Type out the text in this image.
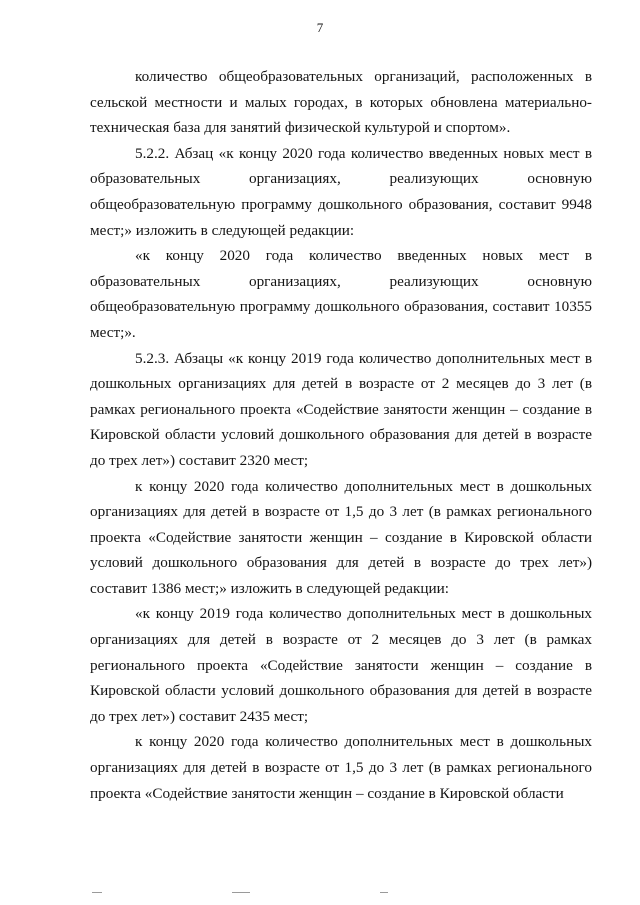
7

количество общеобразовательных организаций, расположенных в сельской местности и малых городах, в которых обновлена материально-техническая база для занятий физической культурой и спортом».

5.2.2. Абзац «к концу 2020 года количество введенных новых мест в образовательных организациях, реализующих основную общеобразовательную программу дошкольного образования, составит 9948 мест;» изложить в следующей редакции:

«к концу 2020 года количество введенных новых мест в образовательных организациях, реализующих основную общеобразовательную программу дошкольного образования, составит 10355 мест;».

5.2.3. Абзацы «к концу 2019 года количество дополнительных мест в дошкольных организациях для детей в возрасте от 2 месяцев до 3 лет (в рамках регионального проекта «Содействие занятости женщин – создание в Кировской области условий дошкольного образования для детей в возрасте до трех лет») составит 2320 мест;

к концу 2020 года количество дополнительных мест в дошкольных организациях для детей в возрасте от 1,5 до 3 лет (в рамках регионального проекта «Содействие занятости женщин – создание в Кировской области условий дошкольного образования для детей в возрасте до трех лет») составит 1386 мест;» изложить в следующей редакции:

«к концу 2019 года количество дополнительных мест в дошкольных организациях для детей в возрасте от 2 месяцев до 3 лет (в рамках регионального проекта «Содействие занятости женщин – создание в Кировской области условий дошкольного образования для детей в возрасте до трех лет») составит 2435 мест;

к концу 2020 года количество дополнительных мест в дошкольных организациях для детей в возрасте от 1,5 до 3 лет (в рамках регионального проекта «Содействие занятости женщин – создание в Кировской области
